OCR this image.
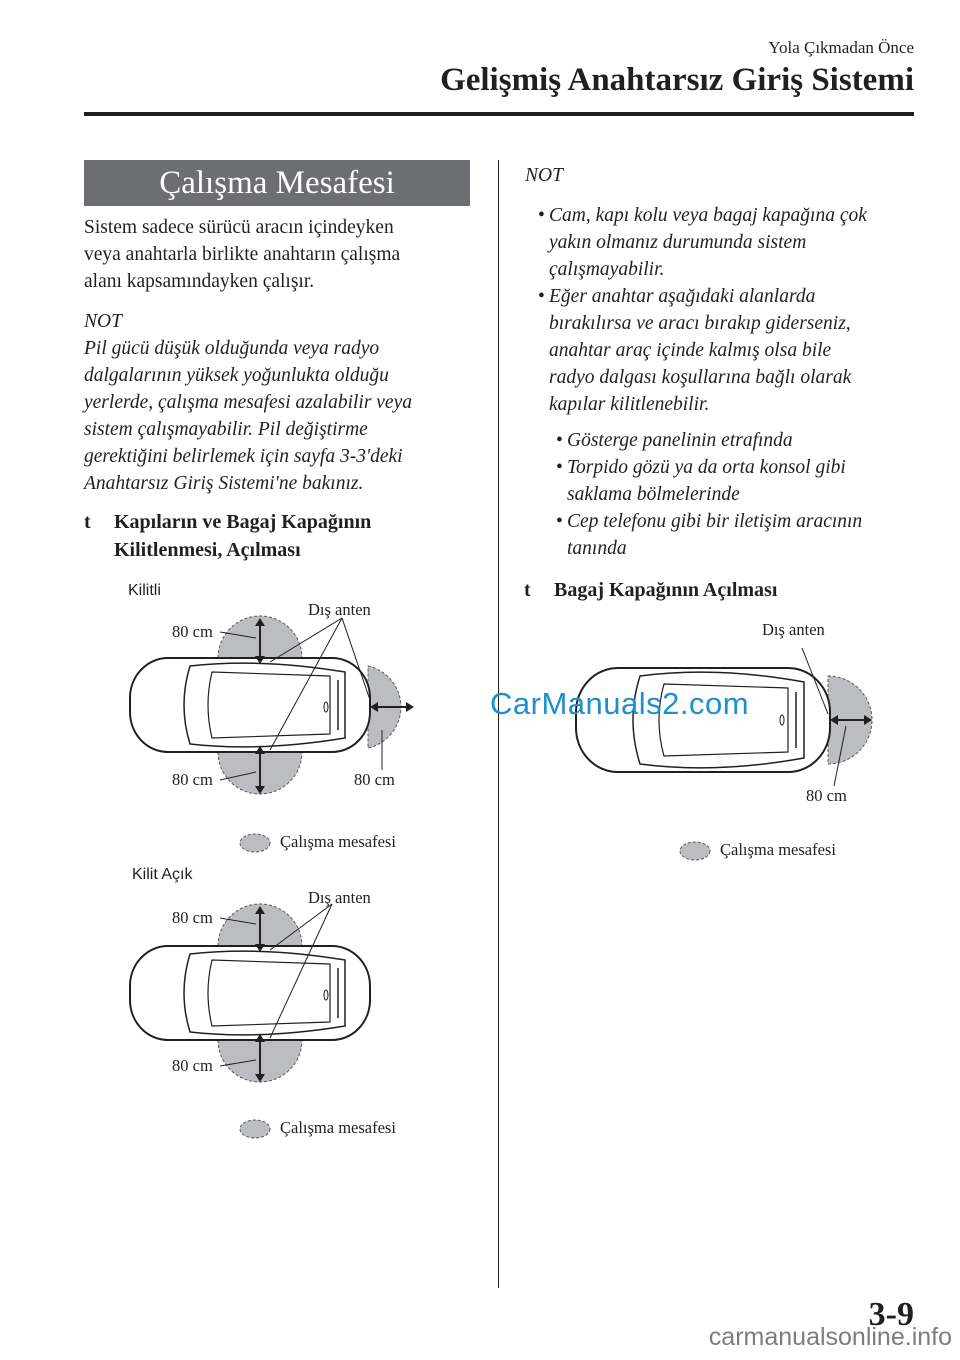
Yola Çıkmadan Önce
Gelişmiş Anahtarsız Giriş Sistemi
Çalışma Mesafesi
Sistem sadece sürücü aracın içindeyken
veya anahtarla birlikte anahtarın çalışma
alanı kapsamındayken çalışır.
NOT
Pil gücü düşük olduğunda veya radyo
dalgalarının yüksek yoğunlukta olduğu
yerlerde, çalışma mesafesi azalabilir veya
sistem çalışmayabilir. Pil değiştirme
gerektiğini belirlemek için sayfa 3-3'deki
Anahtarsız Giriş Sistemi'ne bakınız.
t Kapıların ve Bagaj Kapağının
Kilitlenmesi, Açılması
Kilitli
Dış anten
80 cm
80 cm	80 cm
Çalışma mesafesi
Kilit Açık
Dış anten
80 cm
80 cm
Çalışma mesafesi
NOT
• Cam, kapı kolu veya bagaj kapağına çok
yakın olmanız durumunda sistem
çalışmayabilir.
• Eğer anahtar aşağıdaki alanlarda
bırakılırsa ve aracı bırakıp giderseniz,
anahtar araç içinde kalmış olsa bile
radyo dalgası koşullarına bağlı olarak
kapılar kilitlenebilir.
• Gösterge panelinin etrafında
• Torpido gözü ya da orta konsol gibi
saklama bölmelerinde
• Cep telefonu gibi bir iletişim aracının
tanında
t Bagaj Kapağının Açılması
Dış anten
80 cm
Çalışma mesafesi
CarManuals2.com
3-9
carmanualsonline.info
